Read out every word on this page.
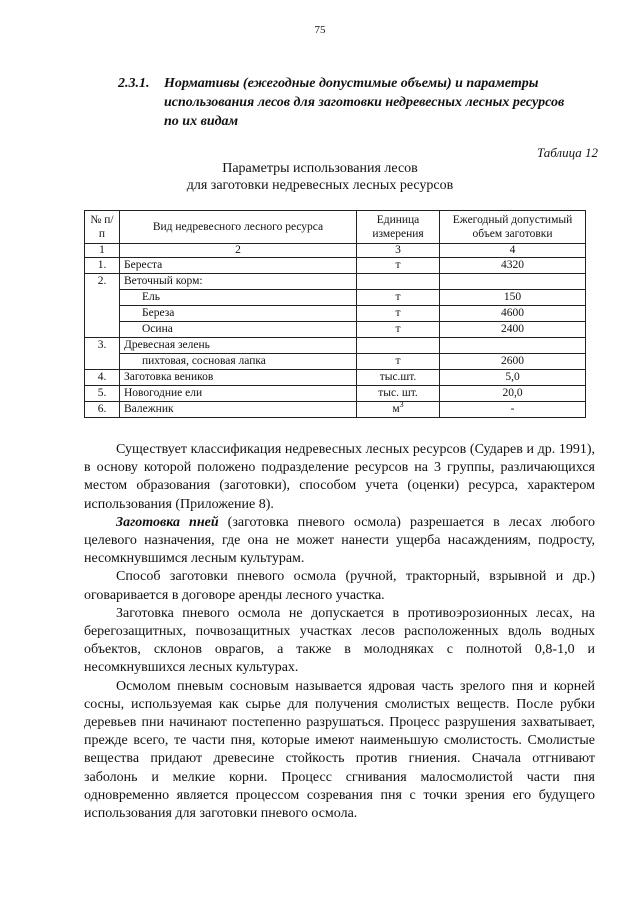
75
2.3.1. Нормативы (ежегодные допустимые объемы) и параметры
использования лесов для заготовки недревесных лесных ресурсов
по их видам
Таблица 12
Параметры использования лесов
для заготовки недревесных лесных ресурсов
№ п/п	Вид недревесного лесного ресурса	Единица измерения	Ежегодный допустимый объем заготовки
1	2	3	4
1.	Береста	т	4320
2.	Веточный корм:		
	Ель	т	150
	Береза	т	4600
	Осина	т	2400
3.	Древесная зелень		
	пихтовая, сосновая лапка	т	2600
4.	Заготовка веников	тыс.шт.	5,0
5.	Новогодние ели	тыс. шт.	20,0
6.	Валежник	$м^3$	-

Существует классификация недревесных лесных ресурсов (Сударев и др. 1991), в основу которой положено подразделение ресурсов на 3 группы, различающихся местом образования (заготовки), способом учета (оценки) ресурса, характером использования (Приложение 8).

Заготовка пней (заготовка пневого осмола) разрешается в лесах любого целевого назначения, где она не может нанести ущерба насаждениям, подросту, несомкнувшимся лесным культурам.

Способ заготовки пневого осмола (ручной, тракторный, взрывной и др.) оговаривается в договоре аренды лесного участка.

Заготовка пневого осмола не допускается в противоэрозионных лесах, на берегозащитных, почвозащитных участках лесов расположенных вдоль водных объектов, склонов оврагов, а также в молодняках с полнотой 0,8-1,0 и несомкнувшихся лесных культурах.

Осмолом пневым сосновым называется ядровая часть зрелого пня и корней сосны, используемая как сырье для получения смолистых веществ. После рубки деревьев пни начинают постепенно разрушаться. Процесс разрушения захватывает, прежде всего, те части пня, которые имеют наименьшую смолистость. Смолистые вещества придают древесине стойкость против гниения. Сначала отгнивают заболонь и мелкие корни. Процесс сгнивания малосмолистой части пня одновременно является процессом созревания пня с точки зрения его будущего использования для заготовки пневого осмола.
